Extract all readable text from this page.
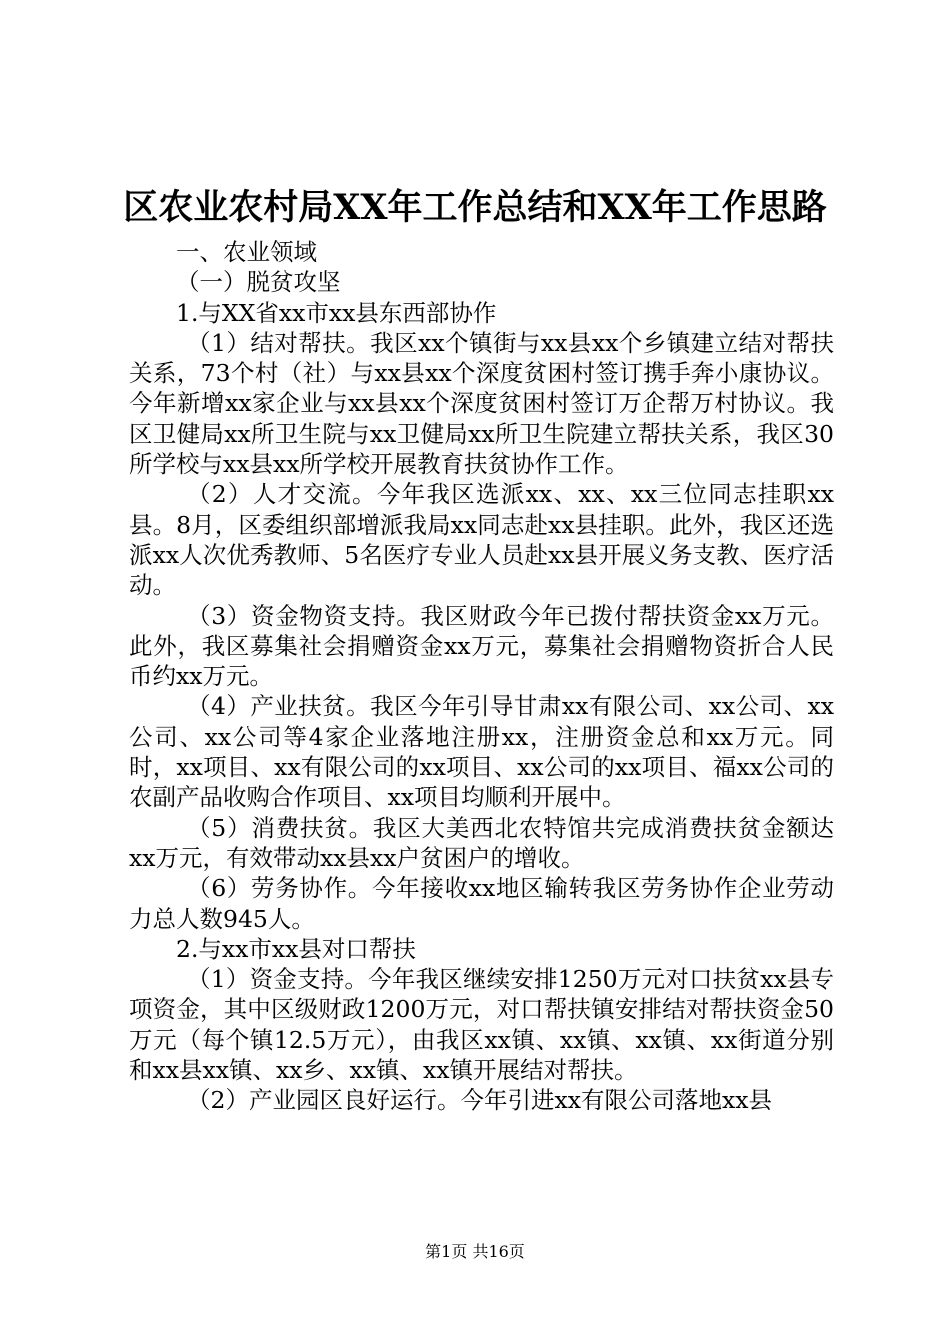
区农业农村局XX年工作总结和XX年工作思路

一、农业领域

（一）脱贫攻坚

1.与XX省xx市xx县东西部协作

（1）结对帮扶。我区xx个镇街与xx县xx个乡镇建立结对帮扶关系，73个村（社）与xx县xx个深度贫困村签订携手奔小康协议。今年新增xx家企业与xx县xx个深度贫困村签订万企帮万村协议。我区卫健局xx所卫生院与xx卫健局xx所卫生院建立帮扶关系，我区30所学校与xx县xx所学校开展教育扶贫协作工作。

（2）人才交流。今年我区选派xx、xx、xx三位同志挂职xx县。8月，区委组织部增派我局xx同志赴xx县挂职。此外，我区还选派xx人次优秀教师、5名医疗专业人员赴xx县开展义务支教、医疗活动。

（3）资金物资支持。我区财政今年已拨付帮扶资金xx万元。此外，我区募集社会捐赠资金xx万元，募集社会捐赠物资折合人民币约xx万元。

（4）产业扶贫。我区今年引导甘肃xx有限公司、xx公司、xx公司、xx公司等4家企业落地注册xx，注册资金总和xx万元。同时，xx项目、xx有限公司的xx项目、xx公司的xx项目、福xx公司的农副产品收购合作项目、xx项目均顺利开展中。

（5）消费扶贫。我区大美西北农特馆共完成消费扶贫金额达xx万元，有效带动xx县xx户贫困户的增收。

（6）劳务协作。今年接收xx地区输转我区劳务协作企业劳动力总人数945人。

2.与xx市xx县对口帮扶

（1）资金支持。今年我区继续安排1250万元对口扶贫xx县专项资金，其中区级财政1200万元，对口帮扶镇安排结对帮扶资金50万元（每个镇12.5万元），由我区xx镇、xx镇、xx镇、xx街道分别和xx县xx镇、xx乡、xx镇、xx镇开展结对帮扶。

（2）产业园区良好运行。今年引进xx有限公司落地xx县

第1页 共16页
